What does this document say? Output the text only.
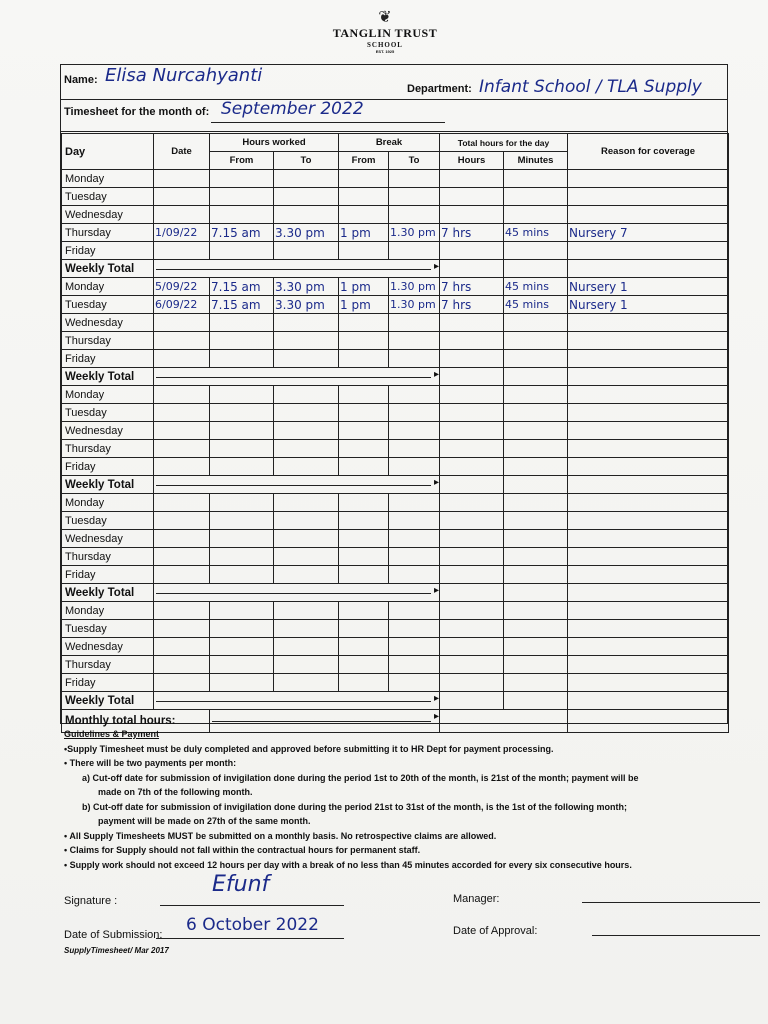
❦
TANGLIN TRUST
SCHOOL
EST. 1925
Name: Elisa Nurcahyanti
Department: Infant School / TLA Supply
Timesheet for the month of: September 2022
Day	Date	Hours worked		Break		Total hours for the day		Reason for coverage
		From	To	From	To	Hours	Minutes	
Monday								
Tuesday								
Wednesday								
Thursday	1/09/22	7.15 am	3.30 pm	1 pm	1.30 pm	7 hrs	45 mins	Nursery 7
Friday								
Weekly Total	▸			
Monday	5/09/22	7.15 am	3.30 pm	1 pm	1.30 pm	7 hrs	45 mins	Nursery 1
Tuesday	6/09/22	7.15 am	3.30 pm	1 pm	1.30 pm	7 hrs	45 mins	Nursery 1
Wednesday								
Thursday								
Friday								
Weekly Total	▸			
Monday								
Tuesday								
Wednesday								
Thursday								
Friday								
Weekly Total	▸			
Monday								
Tuesday								
Wednesday								
Thursday								
Friday								
Weekly Total	▸			
Monday								
Tuesday								
Wednesday								
Thursday								
Friday								
Weekly Total	▸			
Monthly total hours:	▸		
Guidelines & Payment
•Supply Timesheet must be duly completed and approved before submitting it to HR Dept for payment processing.
• There will be two payments per month:
a) Cut-off date for submission of invigilation done during the period 1st to 20th of the month, is 21st of the month; payment will be
made on 7th of the following month.
b) Cut-off date for submission of invigilation done during the period 21st to 31st of the month, is the 1st of the following month;
payment will be made on 27th of the same month.
• All Supply Timesheets MUST be submitted on a monthly basis. No retrospective claims are allowed.
• Claims for Supply should not fall within the contractual hours for permanent staff.
• Supply work should not exceed 12 hours per day with a break of no less than 45 minutes accorded for every six consecutive hours.
Signature :
Efunf
Manager:
Date of Submission: 6 October 2022	Date of Approval:
SupplyTimesheet/ Mar 2017
